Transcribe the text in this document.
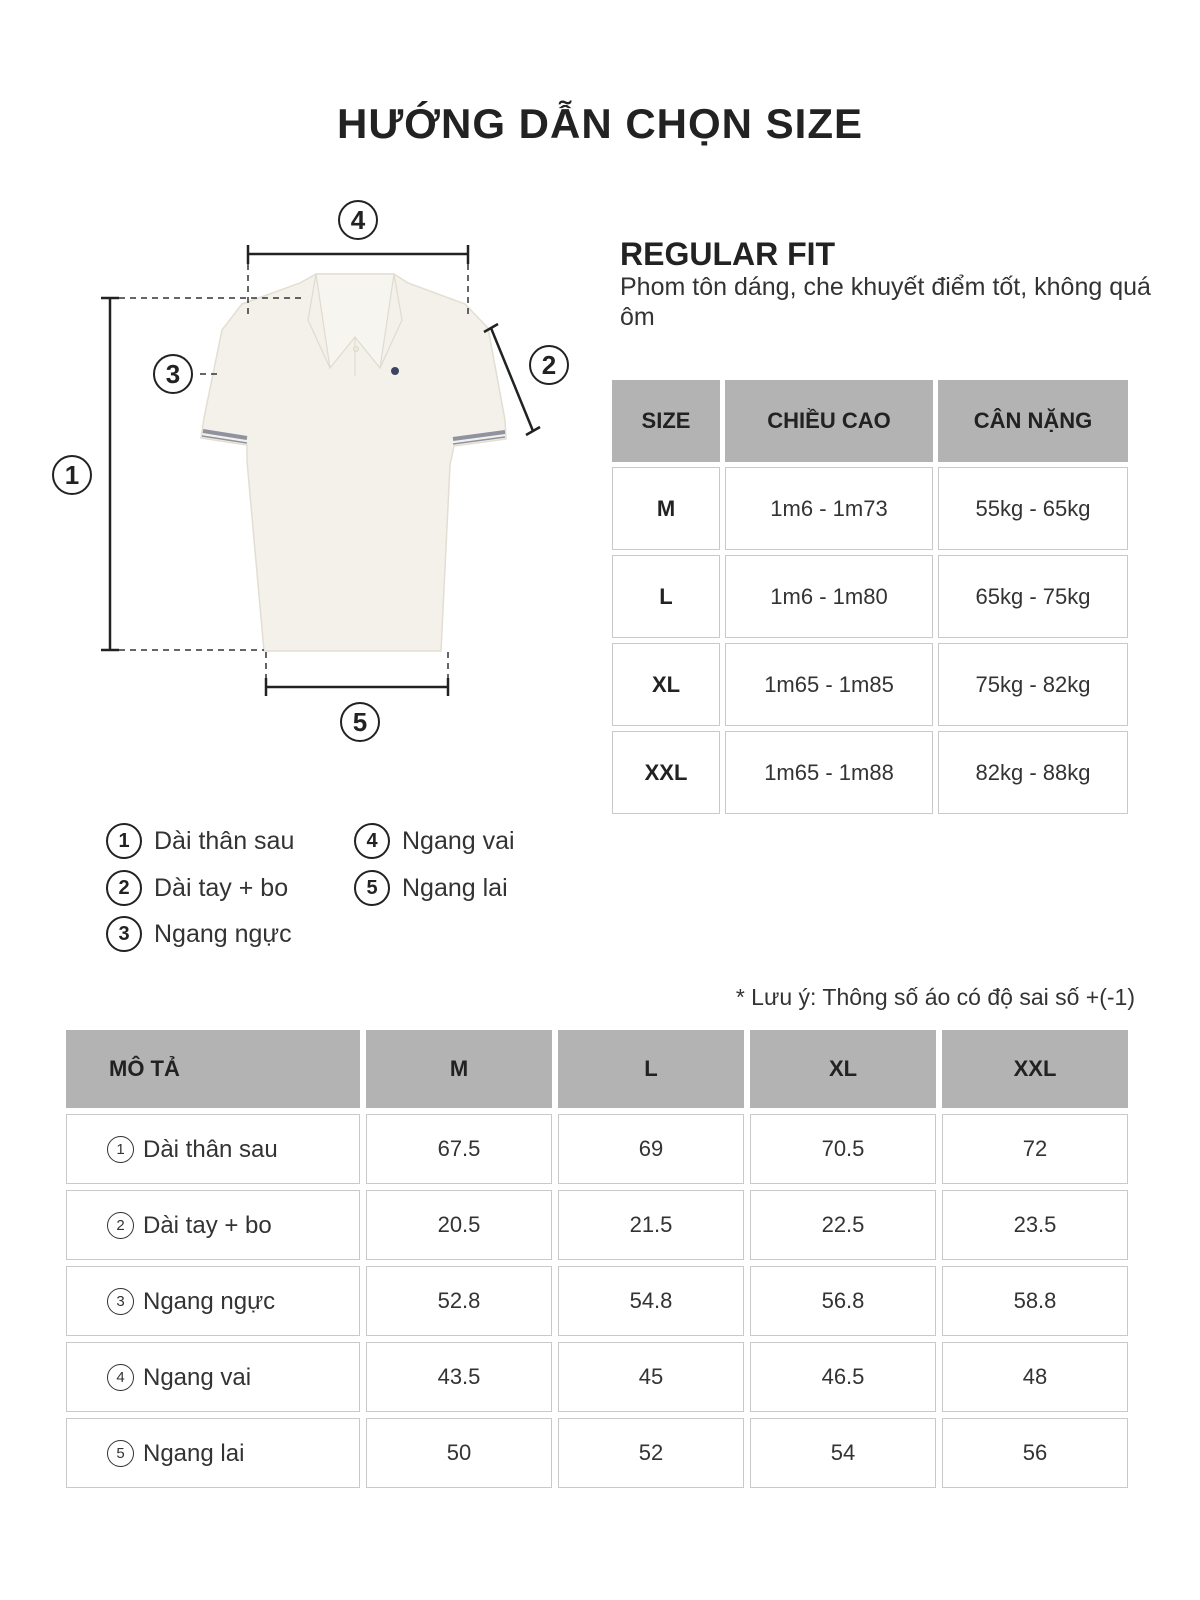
HƯỚNG DẪN CHỌN SIZE
1
2
3
4
5
REGULAR FIT
Phom tôn dáng, che khuyết điểm tốt, không quá ôm
SIZE	CHIỀU CAO	CÂN NẶNG
M	1m6 - 1m73	55kg - 65kg
L	1m6 - 1m80	65kg - 75kg
XL	1m65 - 1m85	75kg - 82kg
XXL	1m65 - 1m88	82kg - 88kg
1 Dài thân sau
2 Dài tay + bo
3 Ngang ngực
4 Ngang vai
5 Ngang lai
* Lưu ý: Thông số áo có độ sai số +(-1)
MÔ TẢ	M	L	XL	XXL

1 Dài thân sau	67.5	69	70.5	72

2 Dài tay + bo	20.5	21.5	22.5	23.5

3 Ngang ngực	52.8	54.8	56.8	58.8

4 Ngang vai	43.5	45	46.5	48

5 Ngang lai	50	52	54	56
